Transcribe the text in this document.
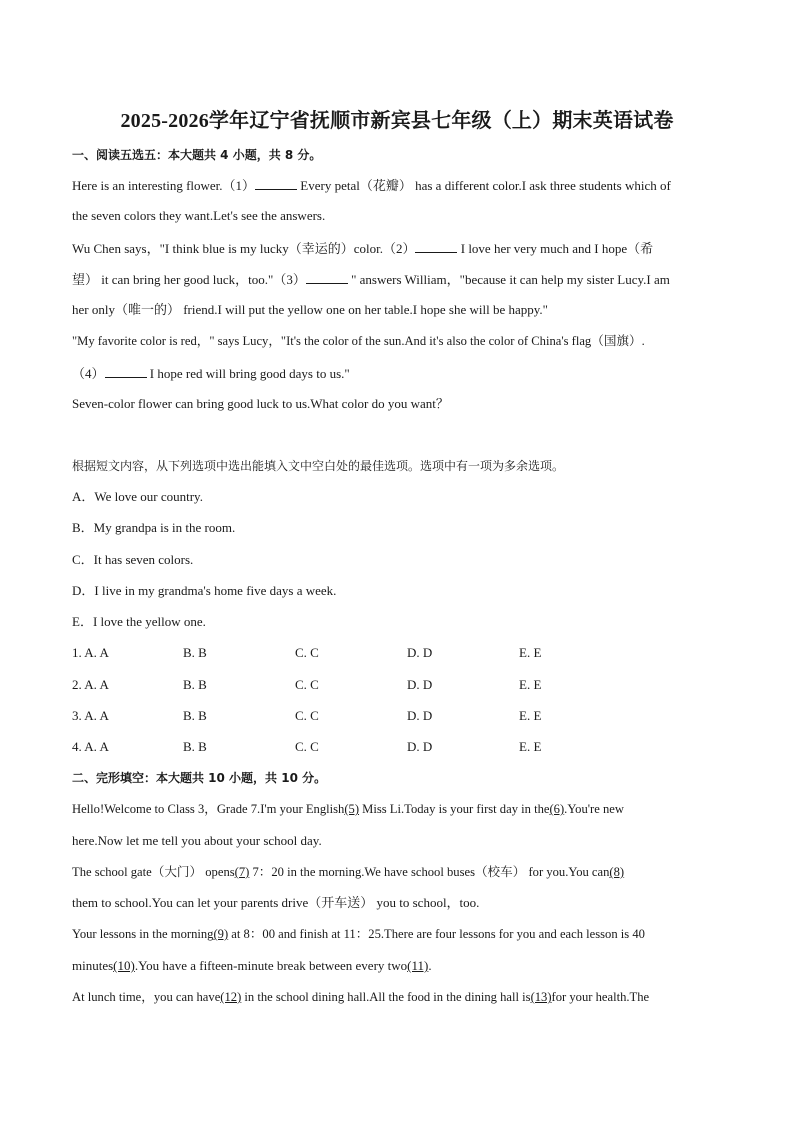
2025-2026学年辽宁省抚顺市新宾县七年级（上）期末英语试卷
一、阅读五选五：本大题共 4 小题，共 8 分。
Here is an interesting flower.（1）	Every petal（花瓣） has a different color.I ask three students which of
the seven colors they want.Let's see the answers.
Wu Chen says，"I think blue is my lucky（幸运的）color.（2）	I love her very much and I hope（希
望） it can bring her good luck，too."（3）	" answers William，"because it can help my sister Lucy.I am
her only（唯一的） friend.I will put the yellow one on her table.I hope she will be happy."
"My favorite color is red，" says Lucy，"It's the color of the sun.And it's also the color of China's flag（国旗）.
（4）	I hope red will bring good days to us."
Seven-color flower can bring good luck to us.What color do you want？
根据短文内容，从下列选项中选出能填入文中空白处的最佳选项。选项中有一项为多余选项。
A．We love our country.
B．My grandpa is in the room.
C．It has seven colors.
D．I live in my grandma's home five days a week.
E．I love the yellow one.
1. A. A	B. B	C. C	D. D	E. E
2. A. A	B. B	C. C	D. D	E. E
3. A. A	B. B	C. C	D. D	E. E
4. A. A	B. B	C. C	D. D	E. E
二、完形填空：本大题共 10 小题，共 10 分。
Hello!Welcome to Class 3，Grade 7.I'm your English(5) Miss Li.Today is your first day in the(6).You're new
here.Now let me tell you about your school day.
The school gate（大门） opens(7) 7：20 in the morning.We have school buses（校车） for you.You can(8)
them to school.You can let your parents drive（开车送） you to school，too.
Your lessons in the morning(9) at 8：00 and finish at 11：25.There are four lessons for you and each lesson is 40
minutes(10).You have a fifteen-minute break between every two(11).
At lunch time，you can have(12) in the school dining hall.All the food in the dining hall is(13)for your health.The
